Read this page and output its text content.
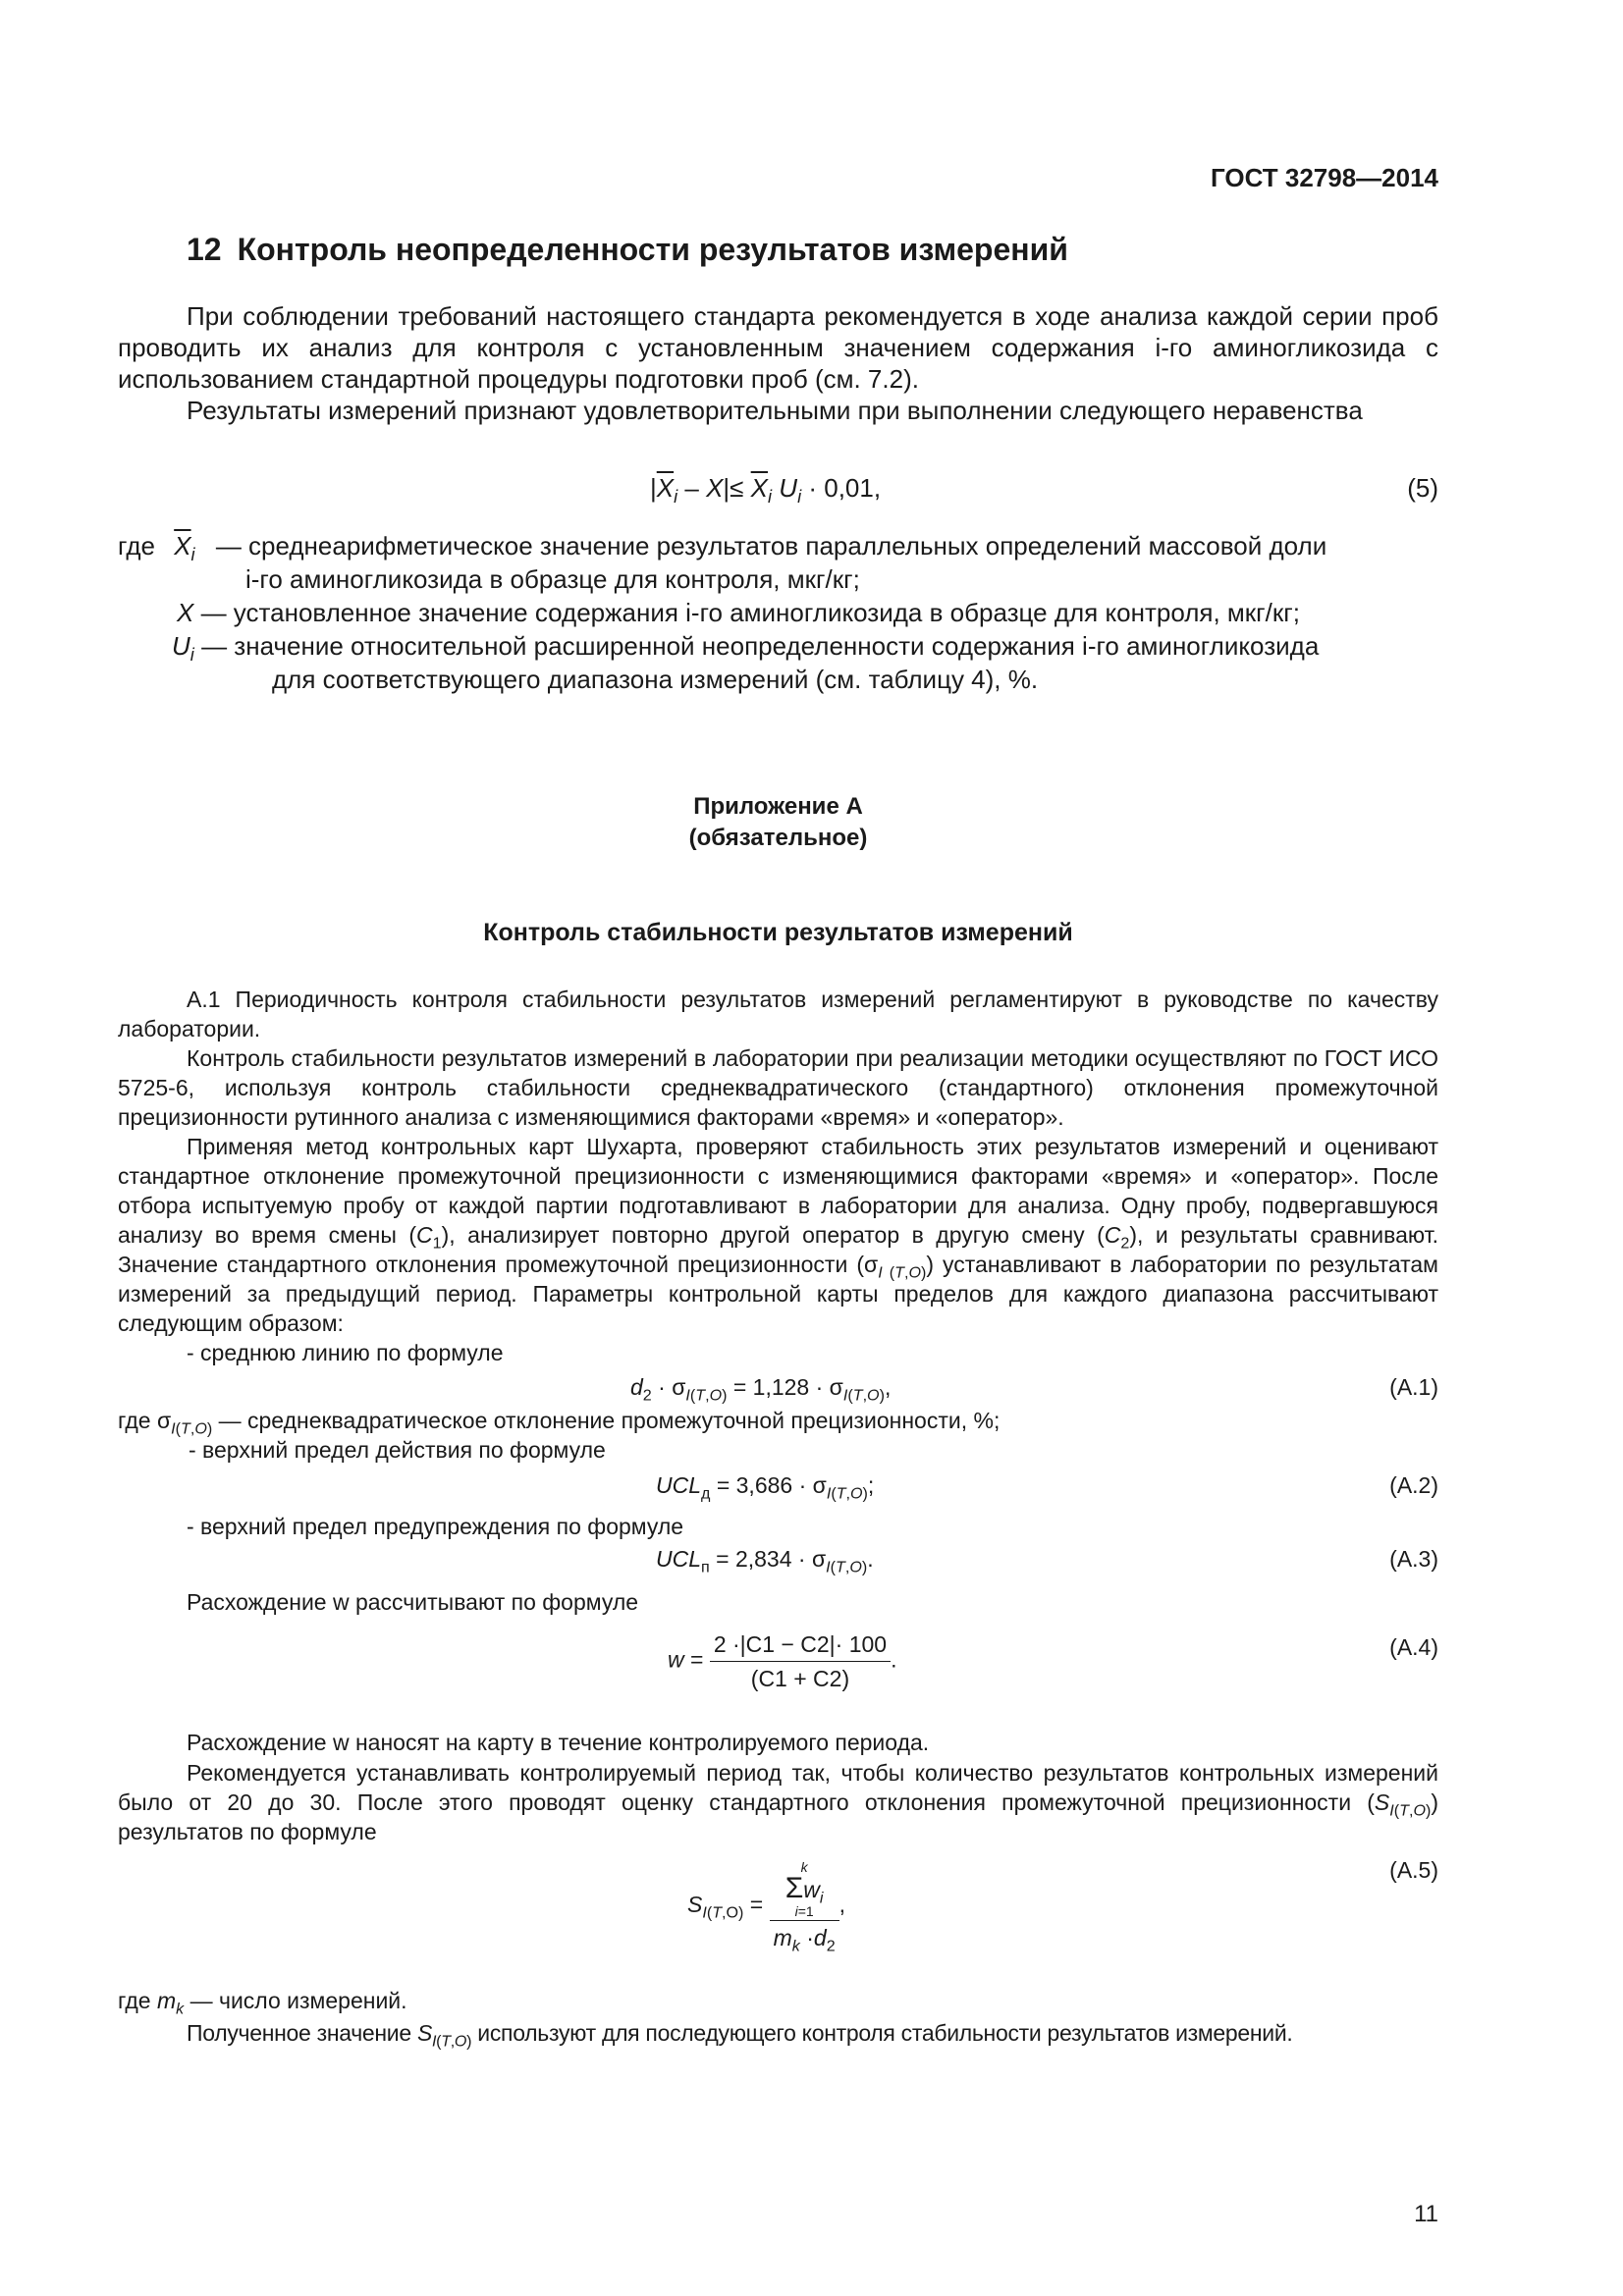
ГОСТ 32798—2014
12 Контроль неопределенности результатов измерений
При соблюдении требований настоящего стандарта рекомендуется в ходе анализа каждой серии проб проводить их анализ для контроля с установленным значением содержания i-го аминогликозида с использованием стандартной процедуры подготовки проб (см. 7.2).
Результаты измерений признают удовлетворительными при выполнении следующего неравенства
$|\overline{X}_i - X|\le \overline{X}_i$ $U_i \cdot 0,01$,	(5)
где $\overline{X}_i$ — среднеарифметическое значение результатов параллельных определений массовой доли
i-го аминогликозида в образце для контроля, мкг/кг;
X — установленное значение содержания i-го аминогликозида в образце для контроля, мкг/кг;
$U_i$ — значение относительной расширенной неопределенности содержания i-го аминогликозида
для соответствующего диапазона измерений (см. таблицу 4), %.
Приложение А
(обязательное)
Контроль стабильности результатов измерений
А.1 Периодичность контроля стабильности результатов измерений регламентируют в руководстве по качеству лаборатории.
Контроль стабильности результатов измерений в лаборатории при реализации методики осуществляют по ГОСТ ИСО 5725-6, используя контроль стабильности среднеквадратического (стандартного) отклонения промежуточной прецизионности рутинного анализа с изменяющимися факторами «время» и «оператор».
Применяя метод контрольных карт Шухарта, проверяют стабильность этих результатов измерений и оценивают стандартное отклонение промежуточной прецизионности с изменяющимися факторами «время» и «оператор». После отбора испытуемую пробу от каждой партии подготавливают в лаборатории для анализа. Одну пробу, подвергавшуюся анализу во время смены $(C_1)$, анализирует повторно другой оператор в другую смену $(C_2)$, и результаты сравнивают. Значение стандартного отклонения промежуточной прецизионности $(\sigma_{I (T,O)})$ устанавливают в лаборатории по результатам измерений за предыдущий период. Параметры контрольной карты пределов для каждого диапазона рассчитывают следующим образом:
- среднюю линию по формуле
$d_2 \cdot \sigma_{I(T,O)} = 1,128 \cdot \sigma_{I(T,O)}$,	(А.1)
где $\sigma_{I(T,O)}$ — среднеквадратическое отклонение промежуточной прецизионности, %;
- верхний предел действия по формуле
$UCL_д = 3,686 \cdot \sigma_{I(T,O)}$;	(А.2)
- верхний предел предупреждения по формуле
$UCL_п = 2,834 \cdot \sigma_{I(T,O)}$.	(А.3)
Расхождение w рассчитывают по формуле
$w = \frac{2 \cdot|C1 - C2|\cdot 100}{(C1 + C2)}$ .	(А.4)
Расхождение w наносят на карту в течение контролируемого периода.
Рекомендуется устанавливать контролируемый период так, чтобы количество результатов контрольных измерений было от 20 до 30. После этого проводят оценку стандартного отклонения промежуточной прецизионности $(S_{I(T,O)})$ результатов по формуле
$S_{I(T,O)} = k$
$\Sigma w_i$
i=1
$m_k \cdot d_2$ ,
(А.5)
где $m_k$ — число измерений.
Полученное значение $S_{I(T,O)}$ используют для последующего контроля стабильности результатов измерений.
11
